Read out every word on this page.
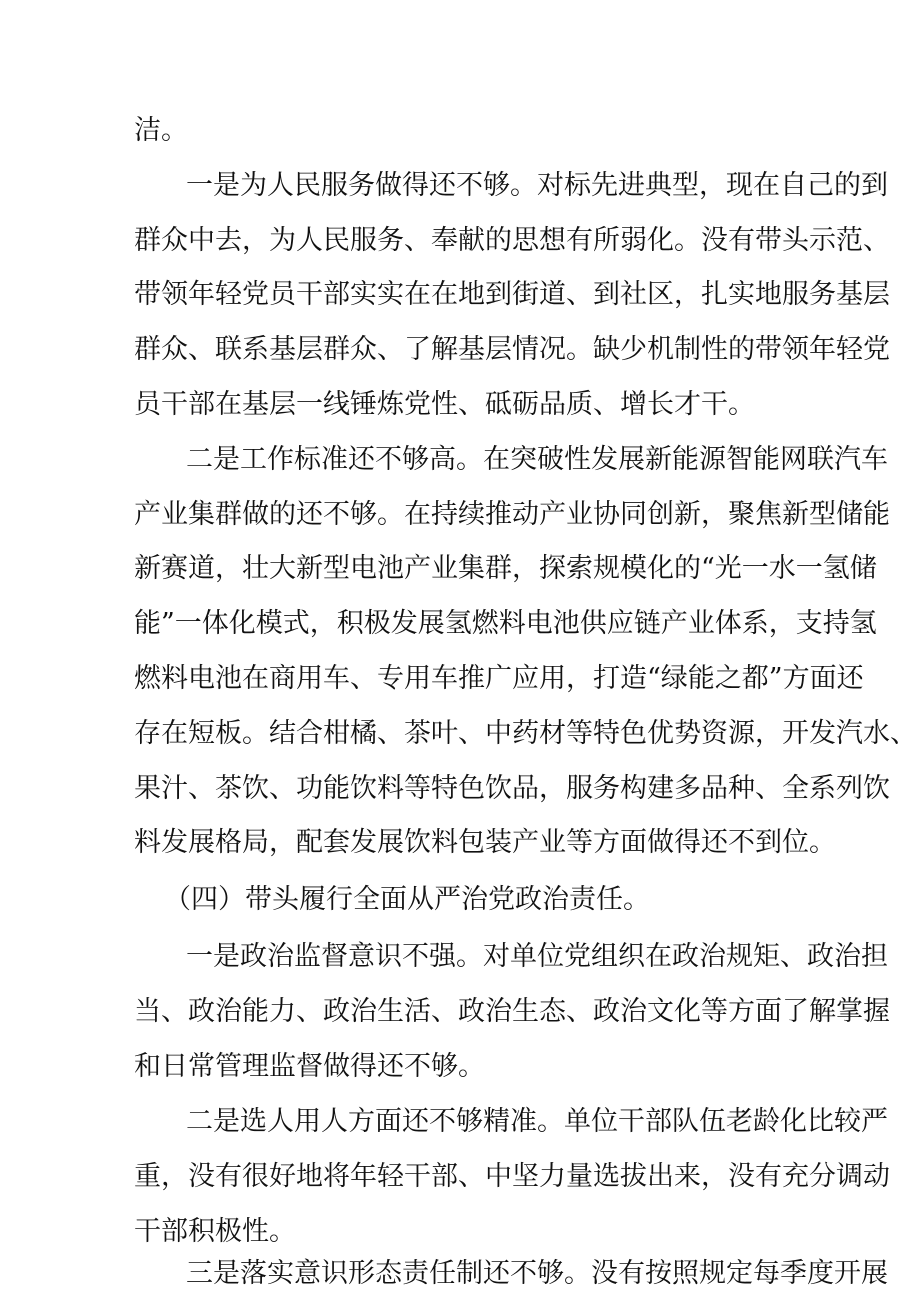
洁。
一是为人民服务做得还不够。对标先进典型，现在自己的到
群众中去，为人民服务、奉献的思想有所弱化。没有带头示范、
带领年轻党员干部实实在在地到街道、到社区，扎实地服务基层
群众、联系基层群众、了解基层情况。缺少机制性的带领年轻党
员干部在基层一线锤炼党性、砥砺品质、增长才干。
二是工作标准还不够高。在突破性发展新能源智能网联汽车
产业集群做的还不够。在持续推动产业协同创新，聚焦新型储能
新赛道，壮大新型电池产业集群，探索规模化的“光一水一氢储
能”一体化模式，积极发展氢燃料电池供应链产业体系，支持氢
燃料电池在商用车、专用车推广应用，打造“绿能之都”方面还
存在短板。结合柑橘、茶叶、中药材等特色优势资源，开发汽水、
果汁、茶饮、功能饮料等特色饮品，服务构建多品种、全系列饮
料发展格局，配套发展饮料包装产业等方面做得还不到位。
（四）带头履行全面从严治党政治责任。
一是政治监督意识不强。对单位党组织在政治规矩、政治担
当、政治能力、政治生活、政治生态、政治文化等方面了解掌握
和日常管理监督做得还不够。
二是选人用人方面还不够精准。单位干部队伍老龄化比较严
重，没有很好地将年轻干部、中坚力量选拔出来，没有充分调动
干部积极性。
三是落实意识形态责任制还不够。没有按照规定每季度开展
